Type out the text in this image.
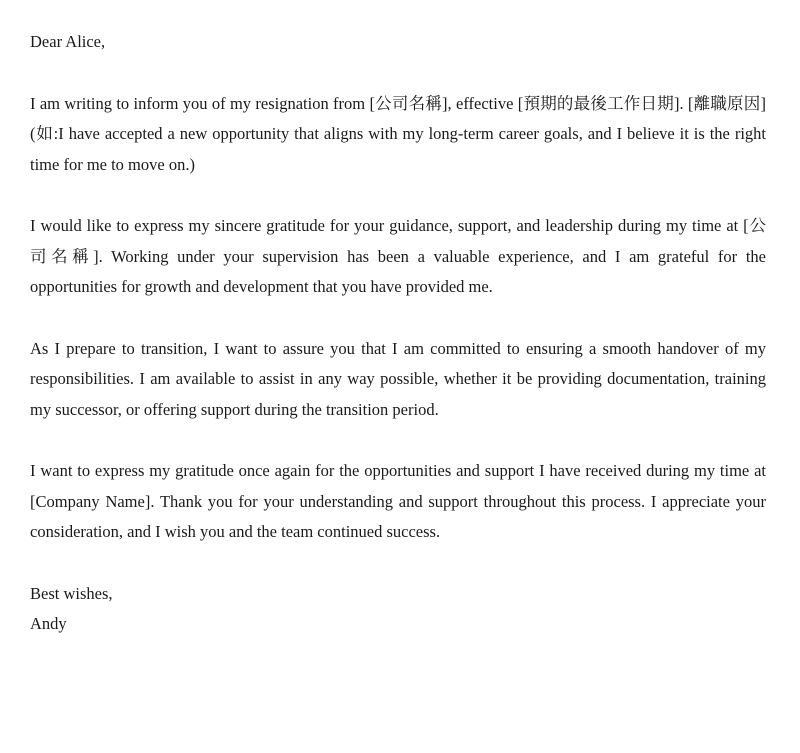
Dear Alice,

I am writing to inform you of my resignation from [公司名稱], effective [預期的最後工作日期]. [離職原因] (如:I have accepted a new opportunity that aligns with my long-term career goals, and I believe it is the right time for me to move on.)

I would like to express my sincere gratitude for your guidance, support, and leadership during my time at [公司名稱]. Working under your supervision has been a valuable experience, and I am grateful for the opportunities for growth and development that you have provided me.

As I prepare to transition, I want to assure you that I am committed to ensuring a smooth handover of my responsibilities. I am available to assist in any way possible, whether it be providing documentation, training my successor, or offering support during the transition period.

I want to express my gratitude once again for the opportunities and support I have received during my time at [Company Name]. Thank you for your understanding and support throughout this process. I appreciate your consideration, and I wish you and the team continued success.

Best wishes,

Andy
